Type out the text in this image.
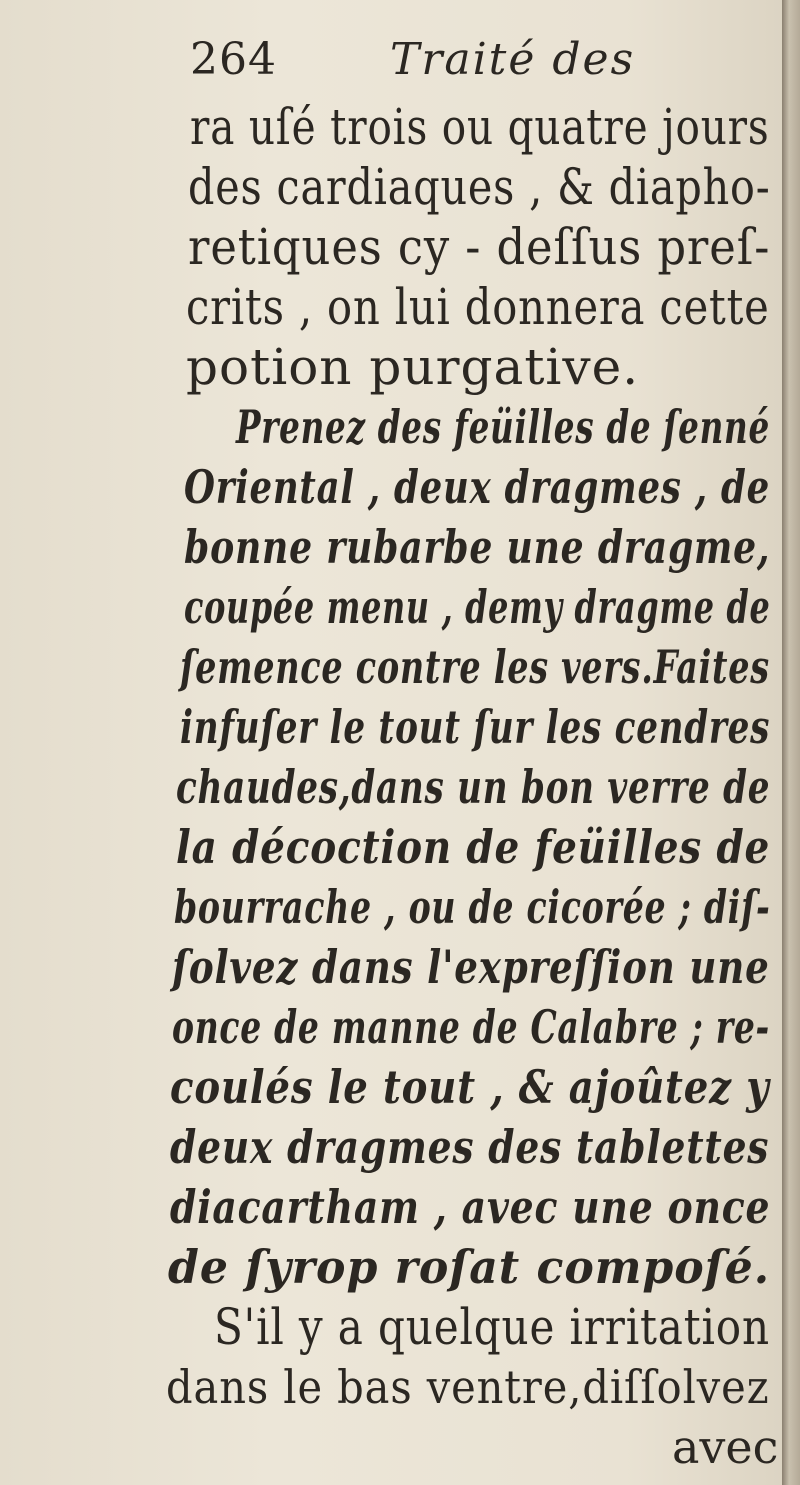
264	Traité des
ra uſé trois ou quatre jours
des cardiaques , & diapho-
retiques cy - deſſus preſ-
crits , on lui donnera cette
potion purgative.
Prenez des feüilles de ſenné
Oriental , deux dragmes , de
bonne rubarbe une dragme,
coupée menu , demy dragme de
ſemence contre les vers.Faites
infuſer le tout ſur les cendres
chaudes,dans un bon verre de
la décoction de feüilles de
bourrache , ou de cicorée ; diſ-
ſolvez dans l'expreſſion une
once de manne de Calabre ; re-
coulés le tout , & ajoûtez y
deux dragmes des tablettes
diacartham , avec une once
de ſyrop roſat compoſé.
S'il y a quelque irritation
dans le bas ventre,diſſolvez
avec
